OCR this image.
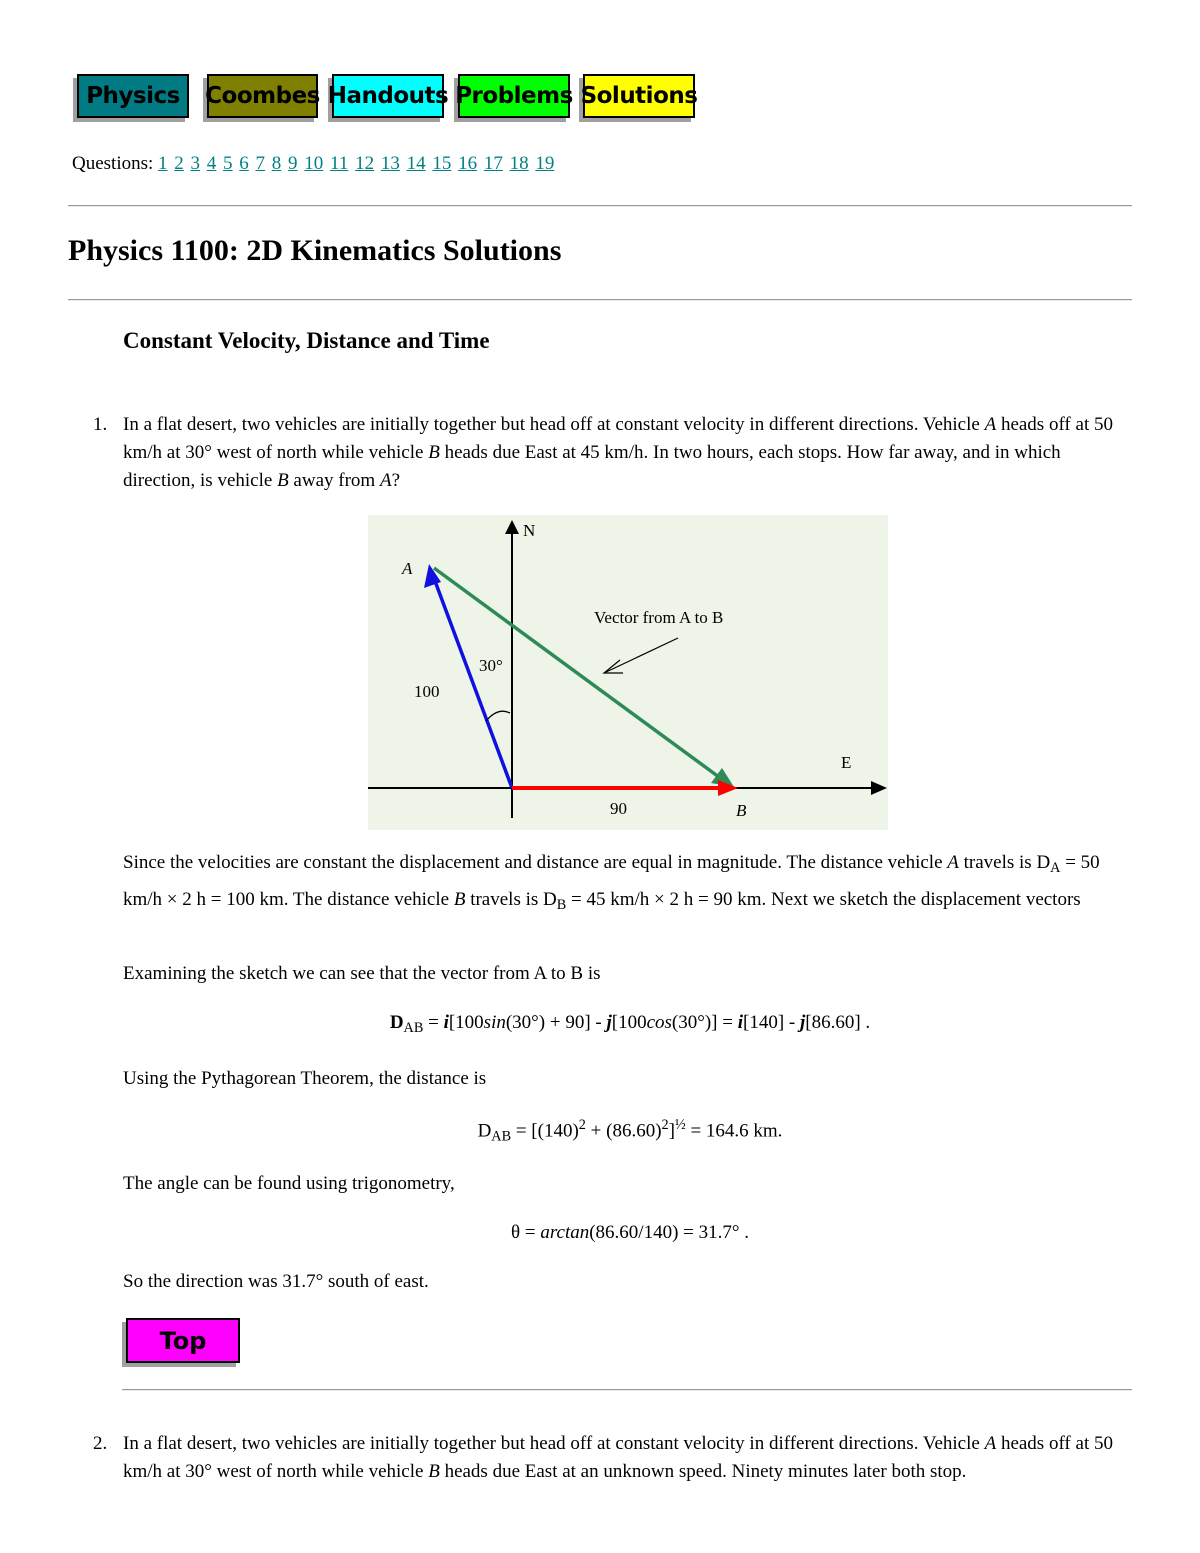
Physics	Coombes Handouts Problems Solutions
Questions: 1 2 3 4 5 6 7 8 9 10 11 12 13 14 15 16 17 18 19
Physics 1100: 2D Kinematics Solutions
Constant Velocity, Distance and Time
1. In a flat desert, two vehicles are initially together but head off at constant velocity in different directions. Vehicle A heads off at 50 km/h at 30° west of north while vehicle B heads due East at 45 km/h. In two hours, each stops. How far away, and in which direction, is vehicle B away from A?
N
E
A
B
100
90
30°
Vector from A to B
Since the velocities are constant the displacement and distance are equal in magnitude. The distance vehicle A travels is $D_A = 50$ km/h × 2 h = 100 km. The distance vehicle B travels is $D_B = 45$ km/h × 2 h = 90 km. Next we sketch the displacement vectors
Examining the sketch we can see that the vector from A to B is
$D_{AB} = i[100\sin(30^\circ) + 90] - j[100\cos(30^\circ)] = i[140] - j[86.60]$ .
Using the Pythagorean Theorem, the distance is
$D_{AB} = [(140)^2 + (86.60)^2]^{\frac{1}{2}} = 164.6$ km.
The angle can be found using trigonometry,
θ = arctan(86.60/140) = 31.7° .
So the direction was 31.7° south of east.
Top
2. In a flat desert, two vehicles are initially together but head off at constant velocity in different directions. Vehicle A heads off at 50 km/h at 30° west of north while vehicle B heads due East at an unknown speed. Ninety minutes later both stop.
